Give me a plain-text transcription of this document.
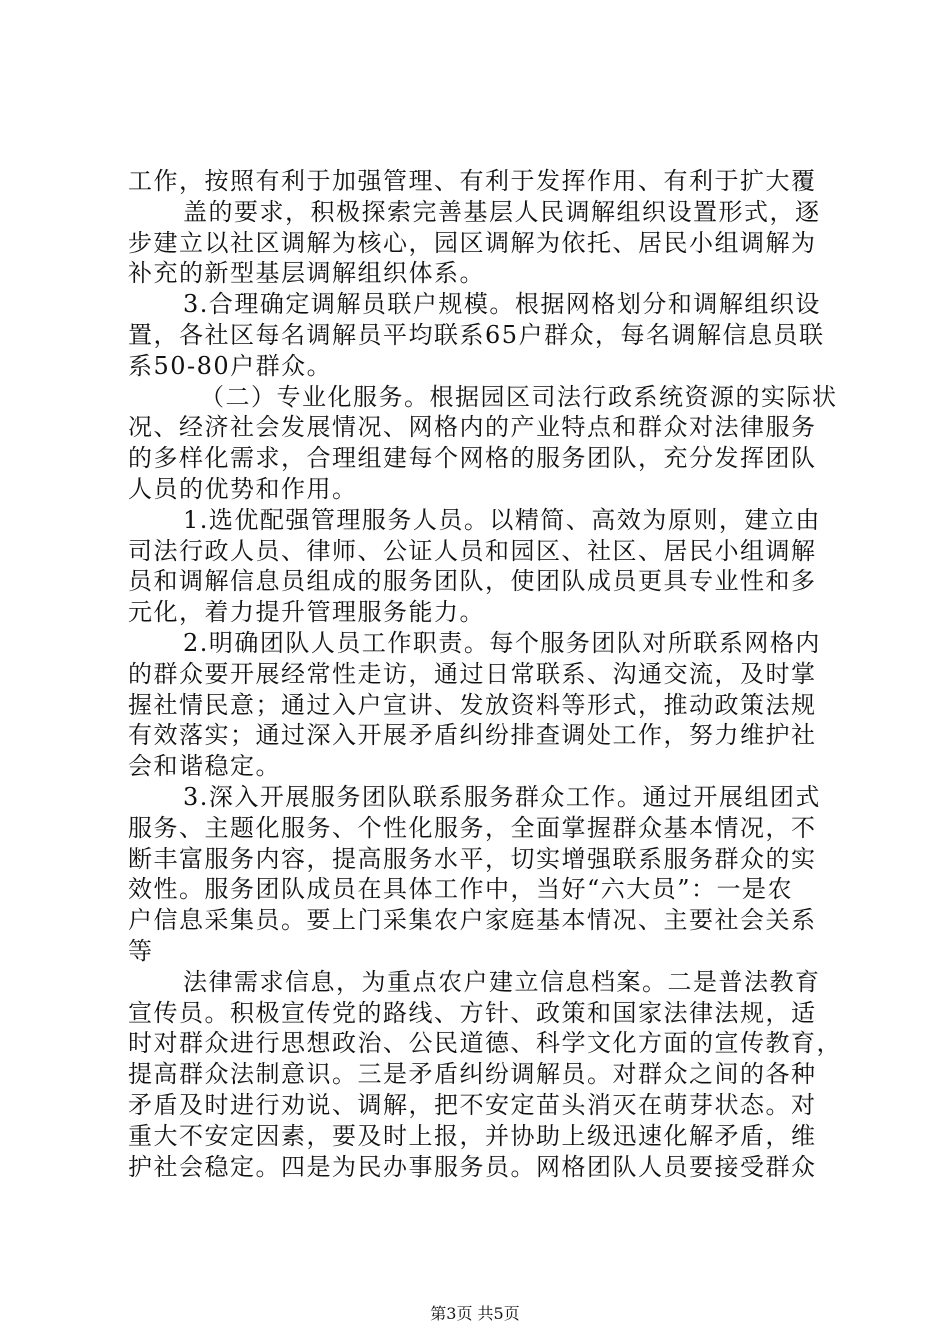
工作，按照有利于加强管理、有利于发挥作用、有利于扩大覆
盖的要求，积极探索完善基层人民调解组织设置形式，逐
步建立以社区调解为核心，园区调解为依托、居民小组调解为
补充的新型基层调解组织体系。
3.合理确定调解员联户规模。根据网格划分和调解组织设
置，各社区每名调解员平均联系65户群众，每名调解信息员联
系50-80户群众。
（二）专业化服务。根据园区司法行政系统资源的实际状
况、经济社会发展情况、网格内的产业特点和群众对法律服务
的多样化需求，合理组建每个网格的服务团队，充分发挥团队
人员的优势和作用。
1.选优配强管理服务人员。以精简、高效为原则，建立由
司法行政人员、律师、公证人员和园区、社区、居民小组调解
员和调解信息员组成的服务团队，使团队成员更具专业性和多
元化，着力提升管理服务能力。
2.明确团队人员工作职责。每个服务团队对所联系网格内
的群众要开展经常性走访，通过日常联系、沟通交流，及时掌
握社情民意；通过入户宣讲、发放资料等形式，推动政策法规
有效落实；通过深入开展矛盾纠纷排查调处工作，努力维护社
会和谐稳定。
3.深入开展服务团队联系服务群众工作。通过开展组团式
服务、主题化服务、个性化服务，全面掌握群众基本情况，不
断丰富服务内容，提高服务水平，切实增强联系服务群众的实
效性。服务团队成员在具体工作中，当好“六大员”：一是农
户信息采集员。要上门采集农户家庭基本情况、主要社会关系
等
法律需求信息，为重点农户建立信息档案。二是普法教育
宣传员。积极宣传党的路线、方针、政策和国家法律法规，适
时对群众进行思想政治、公民道德、科学文化方面的宣传教育，
提高群众法制意识。三是矛盾纠纷调解员。对群众之间的各种
矛盾及时进行劝说、调解，把不安定苗头消灭在萌芽状态。对
重大不安定因素，要及时上报，并协助上级迅速化解矛盾，维
护社会稳定。四是为民办事服务员。网格团队人员要接受群众
第3页 共5页
